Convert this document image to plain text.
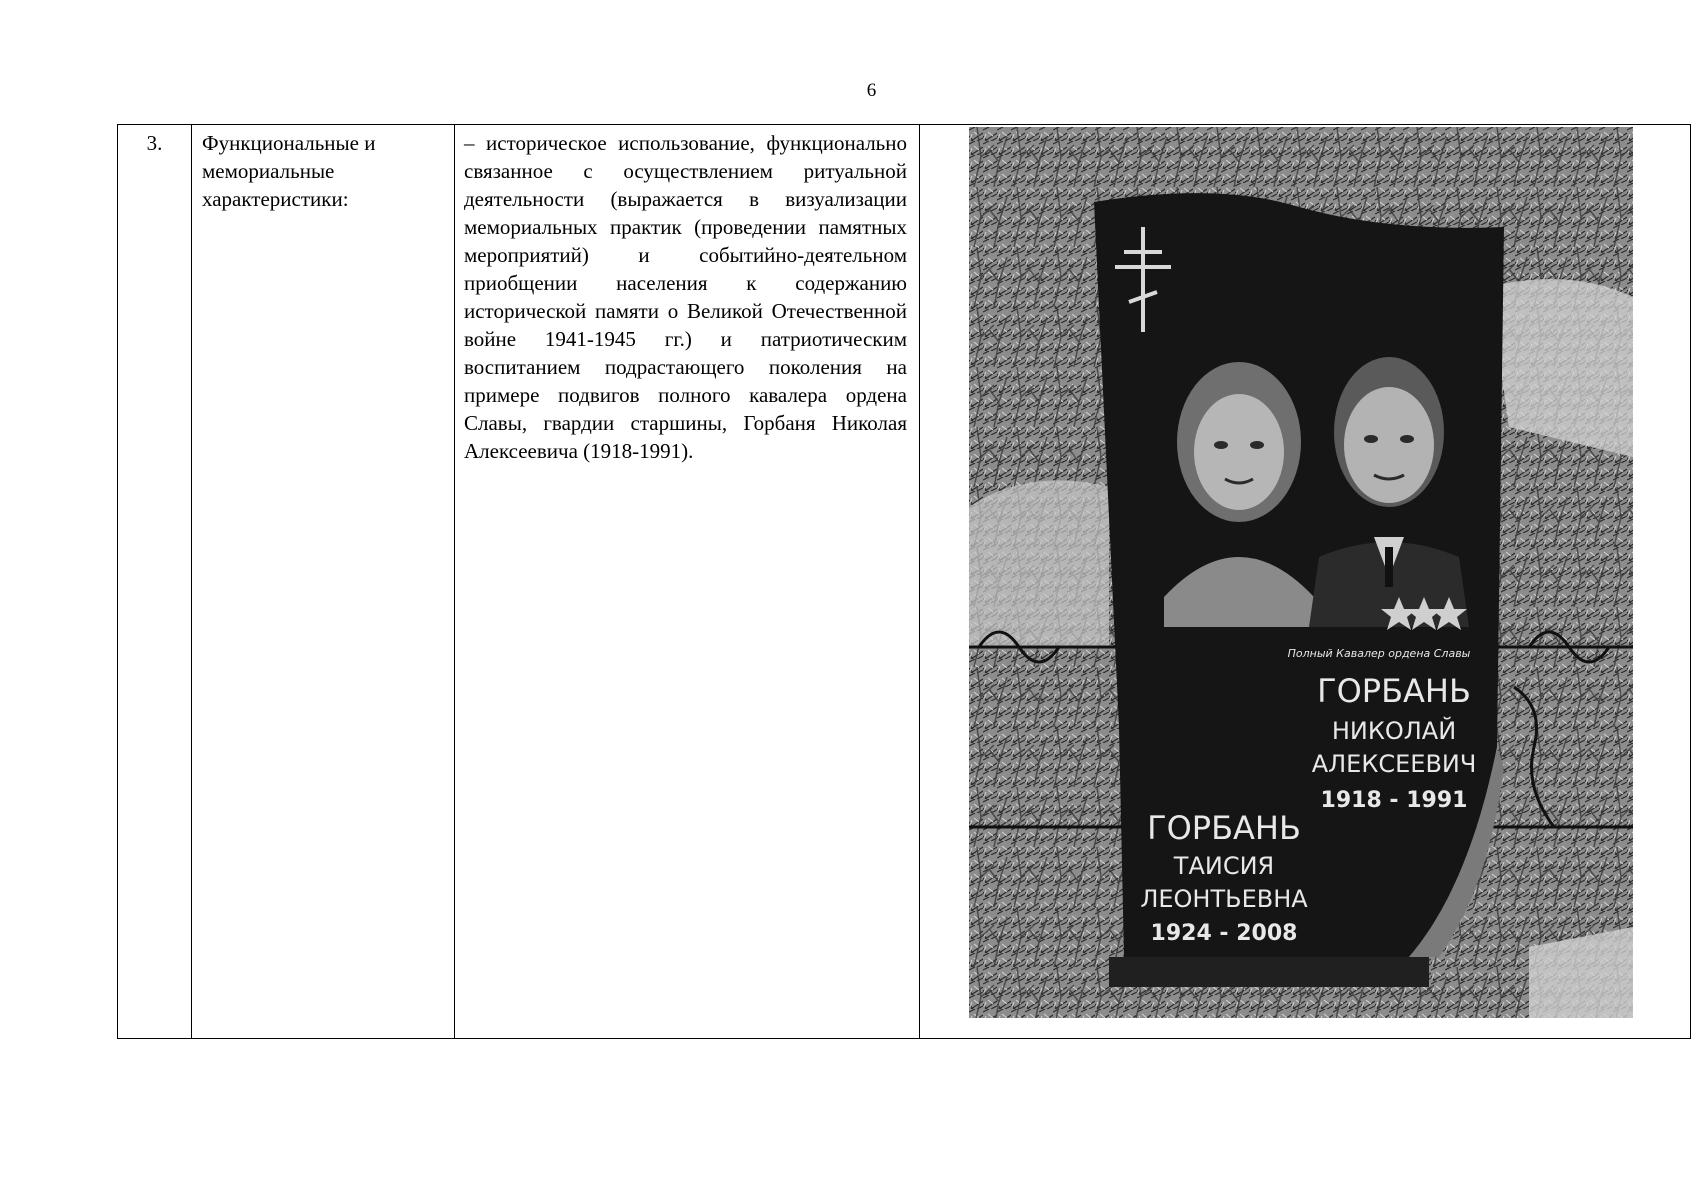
6
3.	Функциональные и мемориальные характеристики:	– историческое использование, функционально связанное с осуществлением ритуальной деятельности (выражается в визуализации мемориальных практик (проведении памятных мероприятий) и событийно-деятельном приобщении населения к содержанию исторической памяти о Великой Отечественной войне 1941-1945 гг.) и патриотическим воспитанием подрастающего поколения на примере подвигов полного кавалера ордена Славы, гвардии старшины, Горбаня Николая Алексеевича (1918-1991).	
Полный Кавалер ордена Славы
ГОРБАНЬ
НИКОЛАЙ
АЛЕКСЕЕВИЧ
1918 - 1991
ГОРБАНЬ
ТАИСИЯ
ЛЕОНТЬЕВНА
1924 - 2008
